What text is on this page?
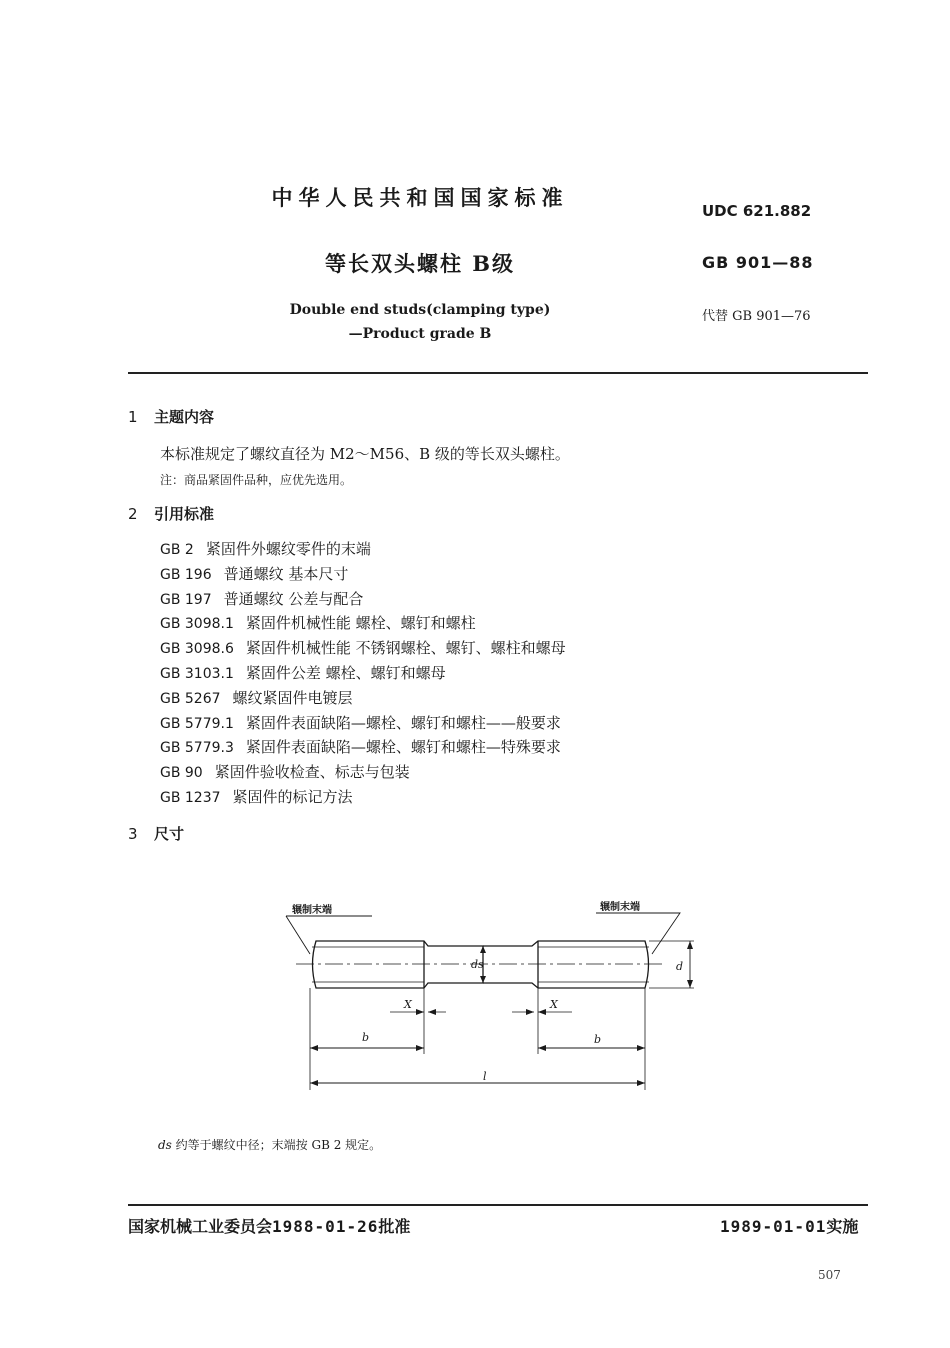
中华人民共和国国家标准
等长双头螺柱 B级
Double end studs(clamping type)
—Product grade B
UDC 621.882
GB 901—88
代替 GB 901—76
1 主题内容
本标准规定了螺纹直径为 M2～M56、B 级的等长双头螺柱。
注：商品紧固件品种，应优先选用。
2 引用标准
GB 2 紧固件外螺纹零件的末端
GB 196 普通螺纹 基本尺寸
GB 197 普通螺纹 公差与配合
GB 3098.1 紧固件机械性能 螺栓、螺钉和螺柱
GB 3098.6 紧固件机械性能 不锈钢螺栓、螺钉、螺柱和螺母
GB 3103.1 紧固件公差 螺栓、螺钉和螺母
GB 5267 螺纹紧固件电镀层
GB 5779.1 紧固件表面缺陷—螺栓、螺钉和螺柱——般要求
GB 5779.3 紧固件表面缺陷—螺栓、螺钉和螺柱—特殊要求
GB 90 紧固件验收检查、标志与包装
GB 1237 紧固件的标记方法
3 尺寸
辗制末端	辗制末端
ds	d
X	X
b	b
l
ds 约等于螺纹中径；末端按 GB 2 规定。
国家机械工业委员会1988-01-26批准	1989-01-01实施
507
